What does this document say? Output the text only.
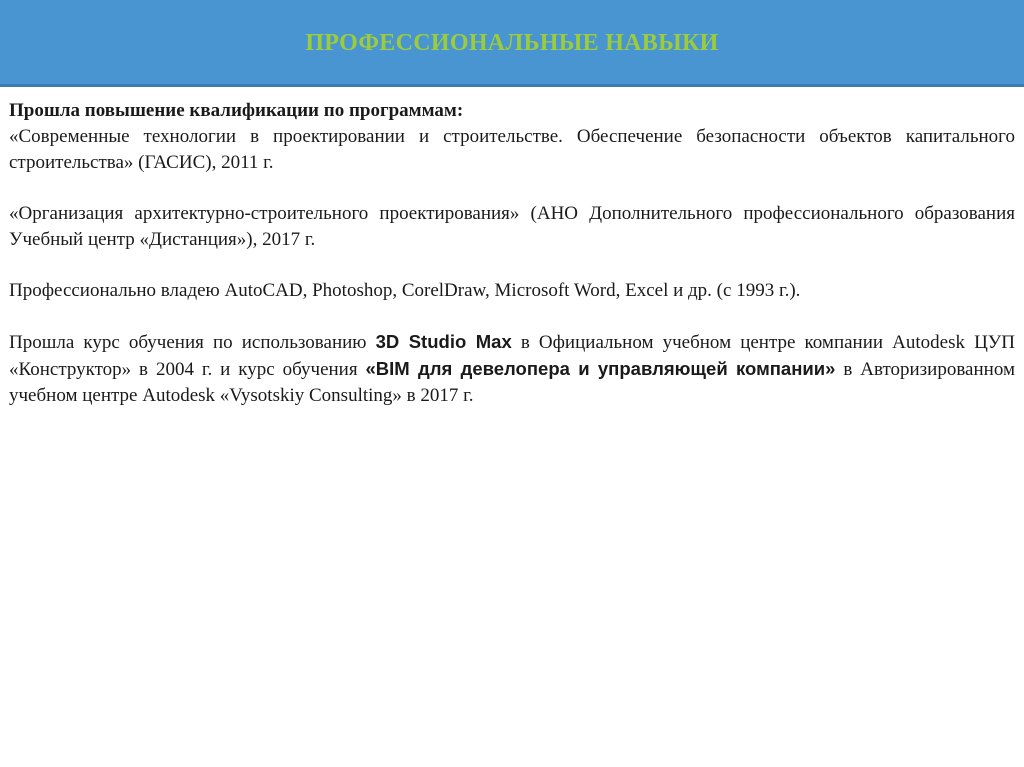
ПРОФЕССИОНАЛЬНЫЕ НАВЫКИ

Прошла повышение квалификации по программам:
«Современные технологии в проектировании и строительстве. Обеспечение безопасности объектов капитального строительства» (ГАСИС), 2011 г.

«Организация архитектурно-строительного проектирования» (АНО Дополнительного профессионального образования Учебный центр «Дистанция»), 2017 г.

Профессионально владею AutoCAD, Photoshop, CorelDraw, Microsoft Word, Excel и др. (с 1993 г.).

Прошла курс обучения по использованию 3D Studio Max в Официальном учебном центре компании Autodesk ЦУП «Конструктор» в 2004 г. и курс обучения «BIM для девелопера и управляющей компании» в Авторизированном учебном центре Autodesk «Vysotskiy Consulting» в 2017 г.
